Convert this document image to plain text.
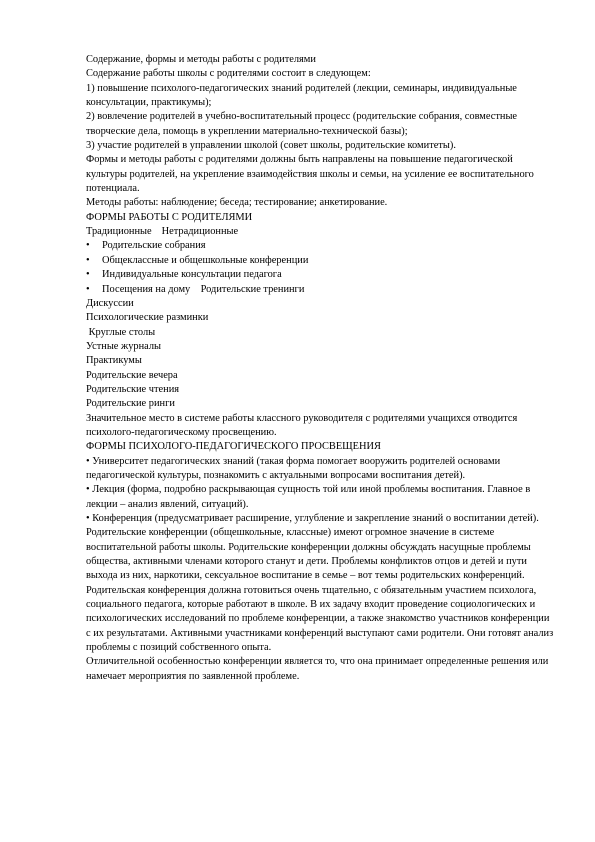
Содержание, формы и методы работы с родителями

Содержание работы школы с родителями состоит в следующем:

1) повышение психолого-педагогических знаний родителей (лекции, семинары, индивидуальные консультации, практикумы);

2) вовлечение родителей в учебно-воспитательный процесс (родительские собрания, совместные творческие дела, помощь в укреплении материально-технической базы);

3) участие родителей в управлении школой (совет школы, родительские комитеты).

Формы и методы работы с родителями должны быть направлены на повышение педагогической культуры родителей, на укрепление взаимодействия школы и семьи, на усиление ее воспитательного потенциала.

Методы работы: наблюдение; беседа; тестирование; анкетирование.

ФОРМЫ РАБОТЫ С РОДИТЕЛЯМИ

Традиционные Нетрадиционные
•	Родительские собрания
•	Общеклассные и общешкольные конференции
•	Индивидуальные консультации педагога
•	Посещения на дому    Родительские тренинги

Дискуссии

Психологические разминки

Круглые столы

Устные журналы

Практикумы

Родительские вечера

Родительские чтения

Родительские ринги

Значительное место в системе работы классного руководителя с родителями учащихся отводится психолого-педагогическому просвещению.

ФОРМЫ ПСИХОЛОГО-ПЕДАГОГИЧЕСКОГО ПРОСВЕЩЕНИЯ

• Университет педагогических знаний (такая форма помогает вооружить родителей основами педагогической культуры, познакомить с актуальными вопросами воспитания детей).

• Лекция (форма, подробно раскрывающая сущность той или иной проблемы воспитания. Главное в лекции – анализ явлений, ситуаций).

• Конференция (предусматривает расширение, углубление и закрепление знаний о воспитании детей).

Родительские конференции (общешкольные, классные) имеют огромное значение в системе воспитательной работы школы. Родительские конференции должны обсуждать насущные проблемы общества, активными членами которого станут и дети. Проблемы конфликтов отцов и детей и пути выхода из них, наркотики, сексуальное воспитание в семье – вот темы родительских конференций.

Родительская конференция должна готовиться очень тщательно, с обязательным участием психолога, социального педагога, которые работают в школе. В их задачу входит проведение социологических и психологических исследований по проблеме конференции, а также знакомство участников конференции с их результатами. Активными участниками конференций выступают сами родители. Они готовят анализ проблемы с позиций собственного опыта.

Отличительной особенностью конференции является то, что она принимает определенные решения или намечает мероприятия по заявленной проблеме.
